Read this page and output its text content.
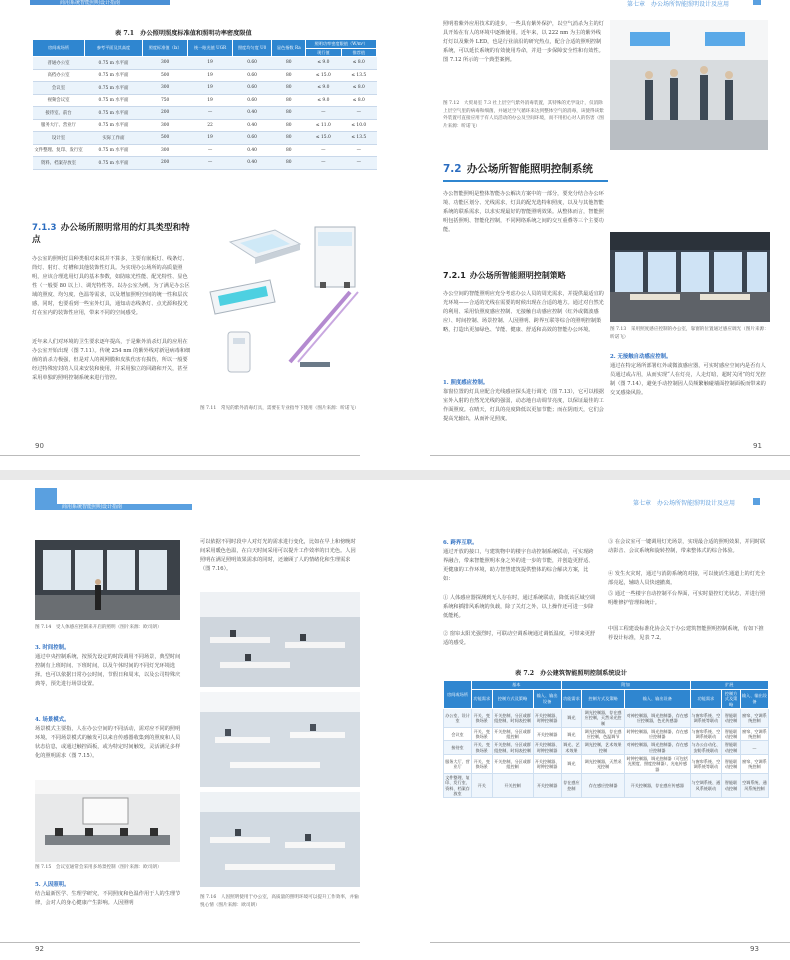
商用系统智能照明设计指南
表 7.1　办公照明照度标准值和照明功率密度限值
房间或场所	参考平面及其高度	照度标准值（lx）	统一眩光值 UGR	照度均匀度 U0	显色指数 Ra	照明功率密度限值（W/m²）	
						现行值	推荐值
普通办公室	0.75 m 水平面	300	19	0.60	80	≤ 9.0	≤ 8.0
高档办公室	0.75 m 水平面	500	19	0.60	80	≤ 15.0	≤ 13.5
会议室	0.75 m 水平面	300	19	0.60	80	≤ 9.0	≤ 8.0
视频会议室	0.75 m 水平面	750	19	0.60	80	≤ 9.0	≤ 8.0
接待室、前台	0.75 m 水平面	200	—	0.40	80	—	—
服务大厅、营业厅	0.75 m 水平面	300	22	0.40	80	≤ 11.0	≤ 10.0
设计室	实际工作面	500	19	0.60	80	≤ 15.0	≤ 13.5
文件整理、复印、发行室	0.75 m 水平面	300	—	0.40	80	—	—
资料、档案存放室	0.75 m 水平面	200	—	0.40	80	—	—
7.1.3  办公场所照明常用的灯具类型和特点
办公室的照明灯具种类相对来说并不算多，主要有嵌板灯、线条灯、筒灯、射灯、灯槽和其他装饰性灯具。为实现办公场所的高质量照明，应该合理选用灯具的基本参数，如防眩光性能、配光特性、显色性（一般要 80 以上）、调光特性等。以办公室为例，为了满足办公区域的照度、均匀度、色温等需求，以及增加照明空间的统一性和层次感，同时，也要看到一些室外灯具，通知动态线条灯、点光源和投光灯在室内的装饰性应用，带来不同的空间感受。
近年来人们对环境的卫生要求逐年提高，于是紫外消杀灯具的应用在办公室开始出现（图 7.11）。传统 254 nm 的紫外线对新冠病毒和细菌的消杀力极强，但是对人的视网膜和皮肤伤害有损伤，所以一般要经过特殊密封的人员来安装和使用，并采用独立的回路和开关，甚至采用单独的照明控制系统来进行管控。
图 7.11　常见的紫外消毒灯具，需要在专业指导下使用（图片来源：昕诺飞）
90
第七章　办公场所智能照明设计及应用
照明着紫外应用技术的进步，一些具有紫外保护，以空气消杀为主的灯具开始在有人的环境中逐渐使用。近年来，以 222 nm 为主的紫外线灯灯以及紫外 LED，也是行业前沿的研究热点，配合合适的照明控制系统，可以延长系统的有效使用寿命，并进一步保障安全性和有效性。图 7.12 所示的一个典型案例。
图 7.12　大贸易室 7.3 社上层空气紫外消毒装置，其特殊的光学设计，仅消除上层空气里的病毒和细菌，并通过空气循环来达到整体空气的消毒，该使得该紫外装置可直接应用于有人员活动的办公及空间环境，而不用担心对人的伤害（图片来源：昕诺飞）
7.2  办公场所智能照明控制系统
办公智能照明是整体智能办公解决方案中的一部分，要充分结合办公环境、功能区划分、光线需求，灯具的配光选特和照度，以及与其他智能系统的联系需求，以求实现最好的智能照明效果。从整体而言，智能照明包括照明、智能化控制，不同网络系统之间的交互重叠等三个主要功能。
7.2.1  办公场所智能照明控制策略
办公空间的智能照明应充分考虑办公人员的周光需求，并提供最适宜的光环境——合适的光线在需要的时候出现在合适的地方。通过对自然光的利用、采用恰照度感应控制、无接触自动感应控制（红外或微波感应）、时间控制、场景控制、人因照明、跨界互联等综合的照明控制策略，打造出更加绿色、节能、健康、舒适和高效的智能办公环境。
1. 照度感应控制。
靠窗位置的灯具应配合光线感应探头进行调光（图 7.13），它可以根据室外入射的自然光光线的强弱，动态地自动调节亮度，以保证最佳的工作面照度。在晴天，灯具的亮度降低以更加节能；而在阴雨天，它们会提高光输出，从而补足照度。
图 7.13　采用照度感应控制的办公室，靠窗的位置通过感应调光（图片来源：昕诺飞）
2. 无接触自动感应控制。
通过在特定场所部署红外或微波感应器，可实时感应空间内是否有人员通过或占用，从而实现“人在灯亮，人走灯暗，超时关闭”的灯光控制（图 7.14），避免手动控制因人员频繁触碰墙面控制面板而带来的交叉感染风险。
91
商用系统智能照明设计指南
图 7.14　受人体感应控制来开启的照明（图片来源：欧司朗）
3. 时间控制。
通过中央控制系统，按预先设定的时段调用不同场景，典型时间控制有上班时间、下班时间，以及午休时间的不同灯光环境选择。也可以依据日常办公时间，节假日和周末，以及公司特殊庆典等，预先进行场景设置。
4. 场景模式。
场景模式主要指，人在办公空间的不同活动，需对应不同的照明环境。不同场景模式的触发可以来自传感器收集到的照度和人员状态信息，或通过触控面板，或为特定时间触发，灵活满足多样化的照明需求（图 7.15）。
图 7.15　会议室通常会采用多场景控制（图片来源：欧司朗）
5. 人因照明。
结合最新医学、生理学研究，不同照度和色温作用于人的生理节律，会对人的身心健康产生影响。人因照明
可以依据不同时段中人对灯光的需求进行变化，比如在早上和傍晚时间采用暖色色温，在白天时间采用可以提升工作效率的日光色。人因照明在满足照明效果需求的同时，还兼顾了人的情绪化和生理需求（图 7.16）。
图 7.16　人因照明使用于办公室，高质量的照明环境可以提升工作效率，并愉悦心情（图片来源：欧司朗）
92
第七章　办公场所智能照明设计及应用
6. 跨界互联。
通过开放的接口，与建筑物中的楼宇自动控制系统联动，可实现跨界融合，带来智能照明本身之外的进一步的节能，并创造更舒适、更健康的工作环境，助力智慧建筑提供整体的综合解决方案，比如：
① 人体感应器探测到无人存在时，通过系统联动，降低该区域空调系统和插排风系统的负载，除了关灯之外，以上操作还可进一步降低能耗。
② 窗帘太阳光强烈时，可联动空调系统通过调低温度，可带来更舒适的感受。
③ 在会议室可一键调用灯光场景，实现最合适的照明效果，并同时联动影音、会议系统和旋转控制，带来整体式的综合体验。
④ 发生火灾时，通过与消防系统的对接，可以使活生通道上的灯光全部亮起，辅助人员快速撤离。
⑤ 通过一些楼宇自动控制平台界面，可实时量控灯光状态，并进行照明维修护管理和统计。
中国工程建设标准化协会关于办公建筑智能照明控制系统，有如下推荐设计标准，见表 7.2。
表 7.2　办公建筑智能照明控制系统设计
房间或场所	基本			附加			扩展		
	功能需求	控制方式及策略	输入、输出设备	功能需求	控制方式及策略	输入、输出设备	功能需求	控制方式及策略	输入、输出设备
办公室、设计室	开关、变换场景	开关控制，分区或群组控制，时间表控制	开关控制器、时钟控制器	调光	调光控制器，存在感应控制，天然采光控制	对神控制器，调光控制器，存在感应控制器，色光传感器	与窗帘系统、空调系统等联动	智能联动控制	窗帘、空调系统控制
会议室	开关、变换场景	开关控制，分区或群组控制	开关控制器	调光	调光控制器，存在感应控制，色温调节	时钟控制器，调光控制器，存在感应控制器	与窗帘系统、空调系统联动	智能联动控制	窗帘、空调系统控制
接待室	开关、变换场景	开关控制，分区或群组控制，时间表控制	开关控制器、时钟控制器	调光、艺术效果	调光控制，艺术效果控制	对神控制器，调光控制器，存在感应控制器	与办公自动化、安防系统联动	智能联动控制	—
服务大厅、营业厅	开关、变换场景	开关控制，分区或群组控制	开关控制器、时钟控制器	调光	调光控制器，天然采光控制	时钟控制器，调光控制器（可包括光照度、照度控制器），光电传感器	与窗帘系统、空调系统等联动	智能联动控制	窗帘、空调系统控制
文件整理、复印、发行室、资料、档案存放室	开关	开关控制	开关控制器	存在感应控制	存在感应控制器	开关控制器，存在感应传感器	与空调系统、通风系统联动	智能联动控制	空调系统、通风系统控制
93
